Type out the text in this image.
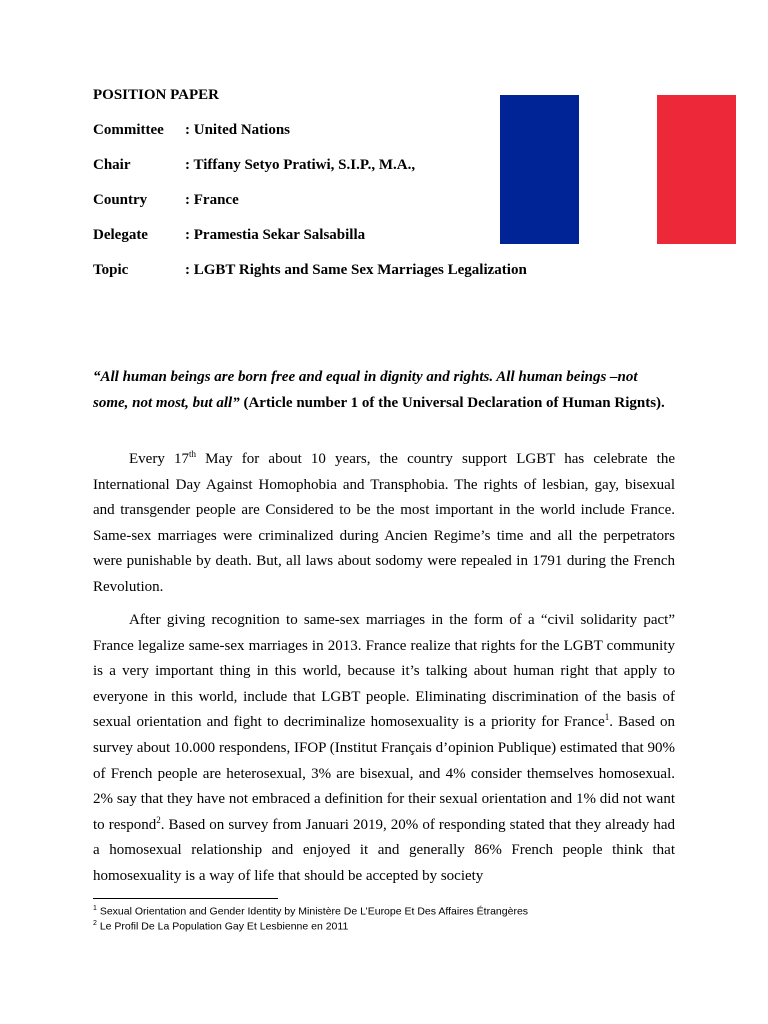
POSITION PAPER
Committee : United Nations
Chair	: Tiffany Setyo Pratiwi, S.I.P., M.A.,
Country	: France
Delegate : Pramestia Sekar Salsabilla
Topic	: LGBT Rights and Same Sex Marriages Legalization
“All human beings are born free and equal in dignity and rights. All human beings –not some, not most, but all” (Article number 1 of the Universal Declaration of Human Rignts).
Every 17th May for about 10 years, the country support LGBT has celebrate the International Day Against Homophobia and Transphobia. The rights of lesbian, gay, bisexual and transgender people are Considered to be the most important in the world include France. Same-sex marriages were criminalized during Ancien Regime’s time and all the perpetrators were punishable by death. But, all laws about sodomy were repealed in 1791 during the French Revolution.
After giving recognition to same-sex marriages in the form of a “civil solidarity pact” France legalize same-sex marriages in 2013. France realize that rights for the LGBT community is a very important thing in this world, because it’s talking about human right that apply to everyone in this world, include that LGBT people. Eliminating discrimination of the basis of sexual orientation and fight to decriminalize homosexuality is a priority for France$^1$. Based on survey about 10.000 respondens, IFOP (Institut Français d’opinion Publique) estimated that 90% of French people are heterosexual, 3% are bisexual, and 4% consider themselves homosexual. 2% say that they have not embraced a definition for their sexual orientation and 1% did not want to respond$^2$. Based on survey from Januari 2019, 20% of responding stated that they already had a homosexual relationship and enjoyed it and generally 86% French people think that homosexuality is a way of life that should be accepted by society
$^1$ Sexual Orientation and Gender Identity by Ministère De L’Europe Et Des Affaires Étrangères
$^2$ Le Profil De La Population Gay Et Lesbienne en 2011
